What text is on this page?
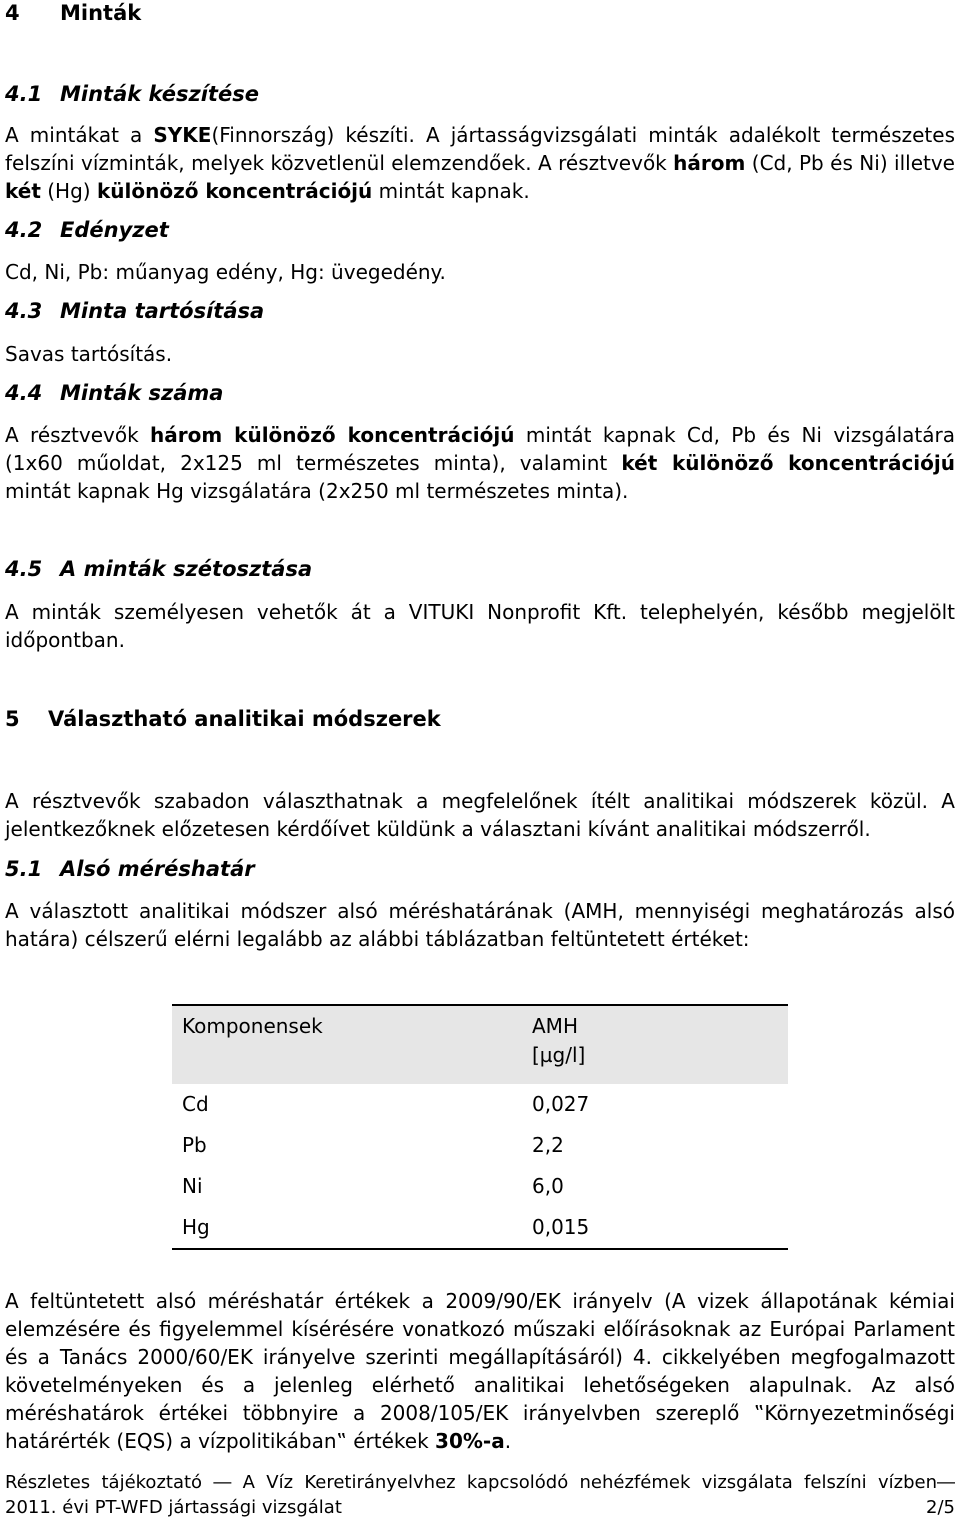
4 Minták
4.1 Minták készítése
A mintákat a SYKE(Finnország) készíti. A jártasságvizsgálati minták adalékolt természetes felszíni vízminták, melyek közvetlenül elemzendőek. A résztvevők három (Cd, Pb és Ni) illetve két (Hg) különöző koncentrációjú mintát kapnak.
4.2 Edényzet
Cd, Ni, Pb: műanyag edény, Hg: üvegedény.
4.3 Minta tartósítása
Savas tartósítás.
4.4 Minták száma
A résztvevők három különöző koncentrációjú mintát kapnak Cd, Pb és Ni vizsgálatára (1x60 műoldat, 2x125 ml természetes minta), valamint két különöző koncentrációjú mintát kapnak Hg vizsgálatára (2x250 ml természetes minta).
4.5 A minták szétosztása
A minták személyesen vehetők át a VITUKI Nonprofit Kft. telephelyén, később megjelölt időpontban.
5 Választható analitikai módszerek
A résztvevők szabadon választhatnak a megfelelőnek ítélt analitikai módszerek közül. A jelentkezőknek előzetesen kérdőívet küldünk a választani kívánt analitikai módszerről.
5.1 Alsó méréshatár
A választott analitikai módszer alsó méréshatárának (AMH, mennyiségi meghatározás alsó határa) célszerű elérni legalább az alábbi táblázatban feltüntetett értéket:
Komponensek	AMH
[µg/l]

Cd	0,027
Pb	2,2
Ni	6,0
Hg	0,015
A feltüntetett alsó méréshatár értékek a 2009/90/EK irányelv (A vizek állapotának kémiai elemzésére és figyelemmel kísérésére vonatkozó műszaki előírásoknak az Európai Parlament és a Tanács 2000/60/EK irányelve szerinti megállapításáról) 4. cikkelyében megfogalmazott követelményeken és a jelenleg elérhető analitikai lehetőségeken alapulnak. Az alsó méréshatárok értékei többnyire a 2008/105/EK irányelvben szereplő ‟Környezetminőségi határérték (EQS) a vízpolitikában‟ értékek 30%-a.
Részletes tájékoztató ― A Víz Keretirányelvhez kapcsolódó nehézfémek vizsgálata felszíni vízben―
2011. évi PT-WFD jártassági vizsgálat	2/5
